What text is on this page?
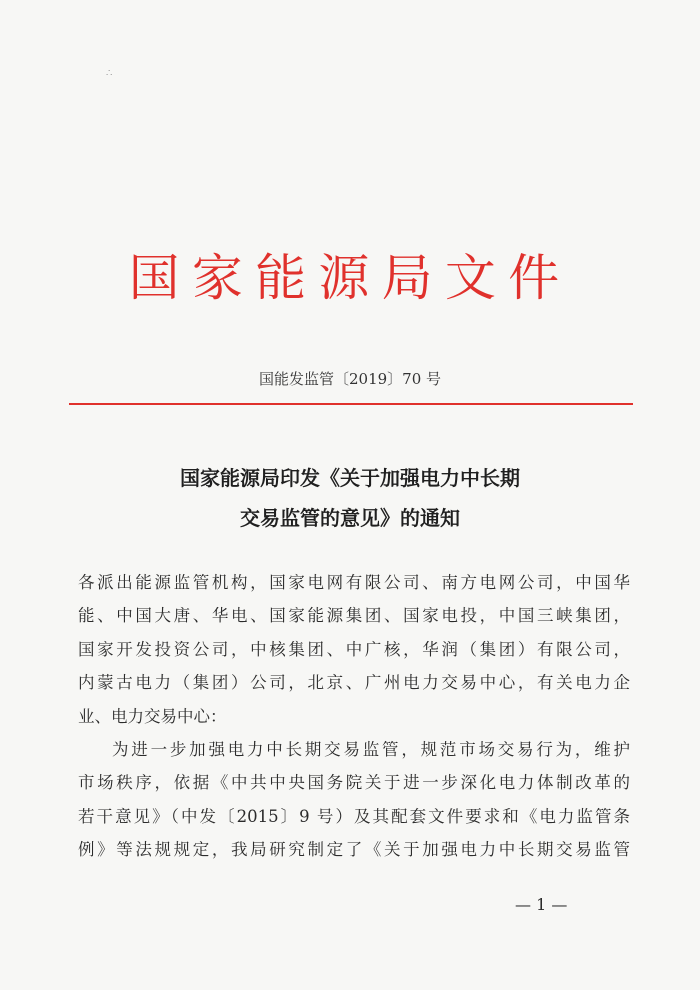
∴
国家能源局文件
国能发监管〔2019〕70 号
国家能源局印发《关于加强电力中长期
交易监管的意见》的通知
各派出能源监管机构，国家电网有限公司、南方电网公司，中国华
能、中国大唐、华电、国家能源集团、国家电投，中国三峡集团，
国家开发投资公司，中核集团、中广核，华润（集团）有限公司，
内蒙古电力（集团）公司，北京、广州电力交易中心，有关电力企
业、电力交易中心：
为进一步加强电力中长期交易监管，规范市场交易行为，维护
市场秩序，依据《中共中央国务院关于进一步深化电力体制改革的
若干意见》（中发〔2015〕9 号）及其配套文件要求和《电力监管条
例》等法规规定，我局研究制定了《关于加强电力中长期交易监管
— 1 —
